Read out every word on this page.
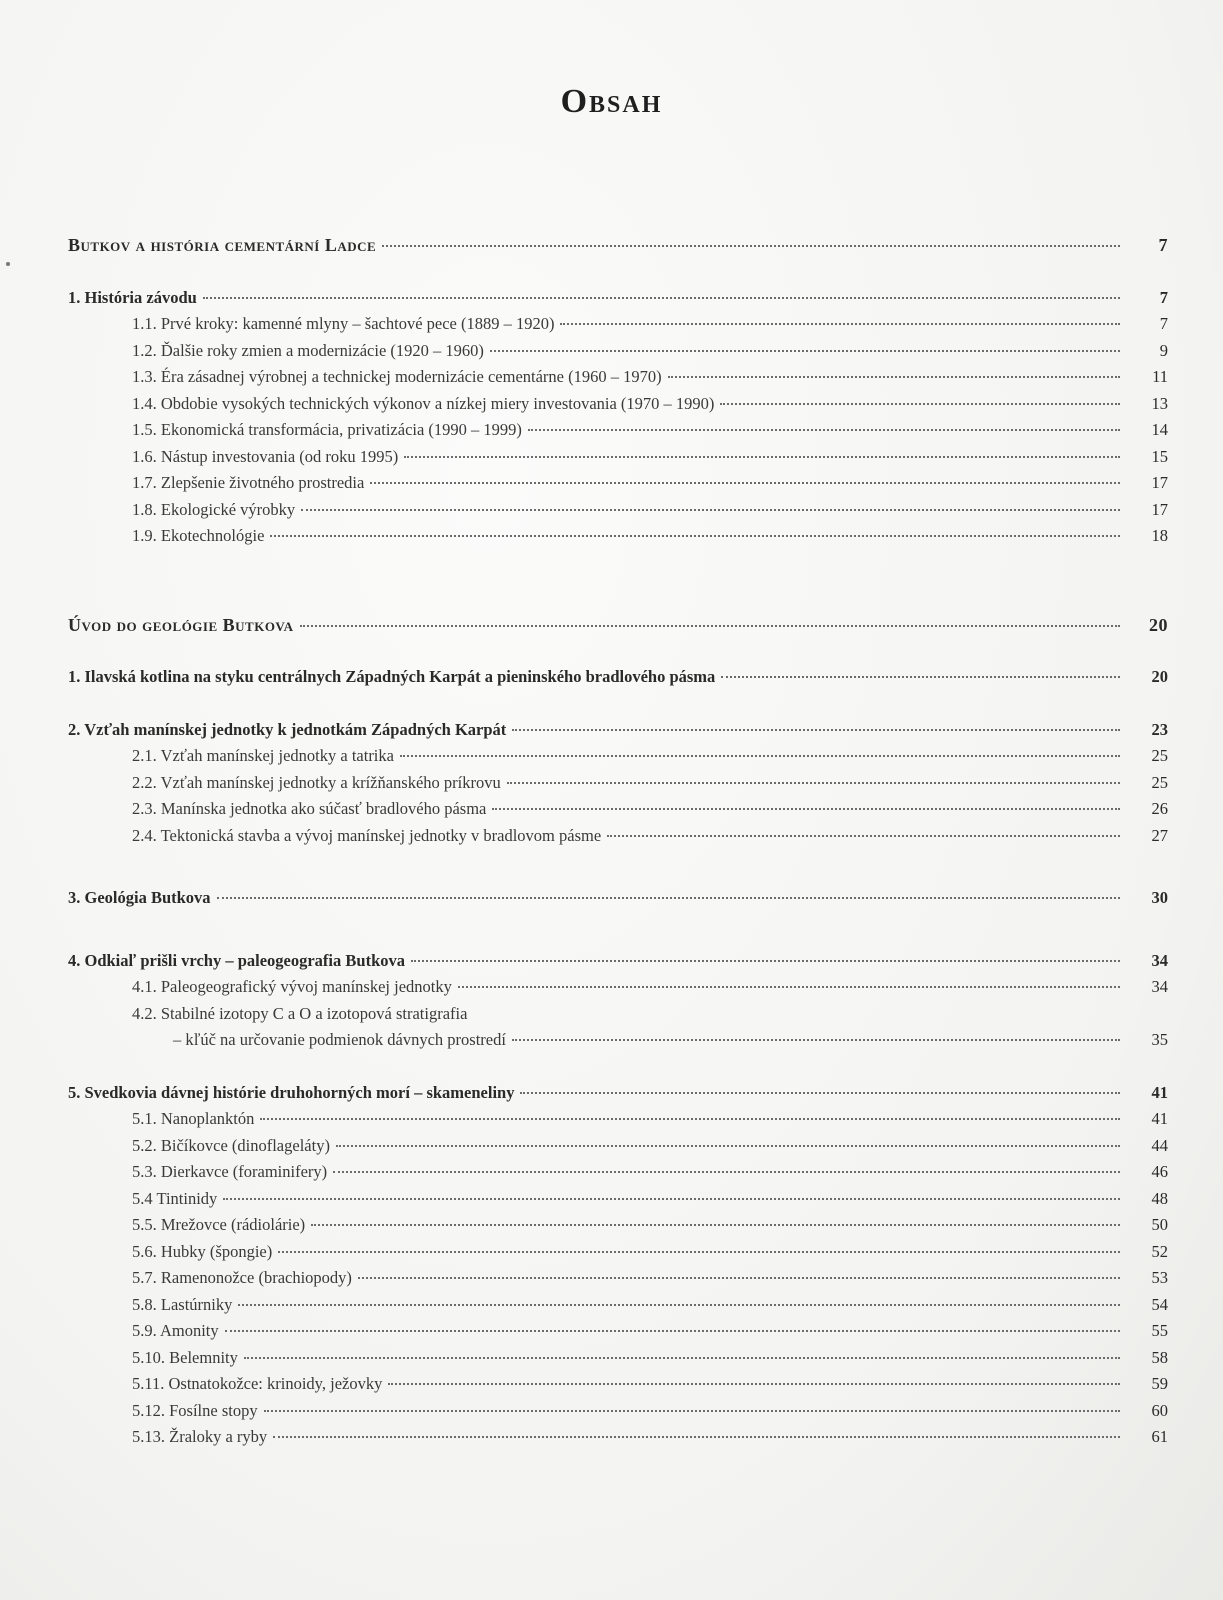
Obsah
Butkov a história cementární Ladce	7
1. História závodu	7
1.1. Prvé kroky: kamenné mlyny – šachtové pece (1889 – 1920)	7
1.2. Ďalšie roky zmien a modernizácie (1920 – 1960)	9
1.3. Éra zásadnej výrobnej a technickej modernizácie cementárne (1960 – 1970)	11
1.4. Obdobie vysokých technických výkonov a nízkej miery investovania (1970 – 1990)	13
1.5. Ekonomická transformácia, privatizácia (1990 – 1999)	14
1.6. Nástup investovania (od roku 1995)	15
1.7. Zlepšenie životného prostredia	17
1.8. Ekologické výrobky	17
1.9. Ekotechnológie	18
Úvod do geológie Butkova	20
1. Ilavská kotlina na styku centrálnych Západných Karpát a pieninského bradlového pásma	20
2. Vzťah manínskej jednotky k jednotkám Západných Karpát	23
2.1. Vzťah manínskej jednotky a tatrika	25
2.2. Vzťah manínskej jednotky a krížňanského príkrovu	25
2.3. Manínska jednotka ako súčasť bradlového pásma	26
2.4. Tektonická stavba a vývoj manínskej jednotky v bradlovom pásme	27
3. Geológia Butkova	30
4. Odkiaľ prišli vrchy – paleogeografia Butkova	34
4.1. Paleogeografický vývoj manínskej jednotky	34
4.2. Stabilné izotopy C a O a izotopová stratigrafia
– kľúč na určovanie podmienok dávnych prostredí	35
5. Svedkovia dávnej histórie druhohorných morí – skameneliny	41
5.1. Nanoplanktón	41
5.2. Bičíkovce (dinoflageláty)	44
5.3. Dierkavce (foraminifery)	46
5.4 Tintinidy	48
5.5. Mrežovce (rádiolárie)	50
5.6. Hubky (špongie)	52
5.7. Ramenonožce (brachiopody)	53
5.8. Lastúrniky	54
5.9. Amonity	55
5.10. Belemnity	58
5.11. Ostnatokožce: krinoidy, ježovky	59
5.12. Fosílne stopy	60
5.13. Žraloky a ryby	61
